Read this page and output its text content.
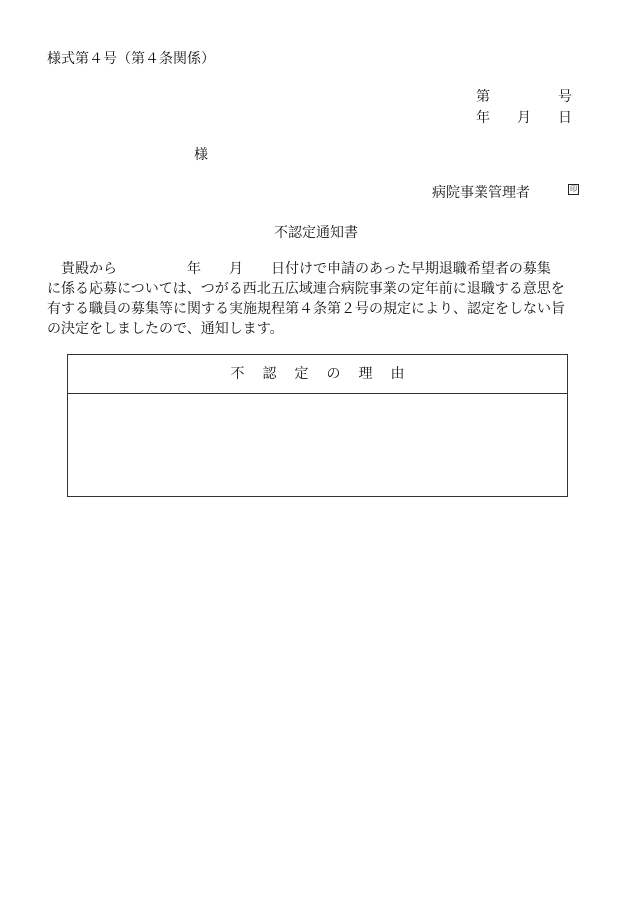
様式第４号（第４条関係）
第	号
年 月 日
様
病院事業管理者	印
不認定通知書
　貴殿から　　　　　年　　月　　日付けで申請のあった早期退職希望者の募集
に係る応募については、つがる西北五広域連合病院事業の定年前に退職する意思を
有する職員の募集等に関する実施規程第４条第２号の規定により、認定をしない旨
の決定をしましたので、通知します。
不認定の理由
